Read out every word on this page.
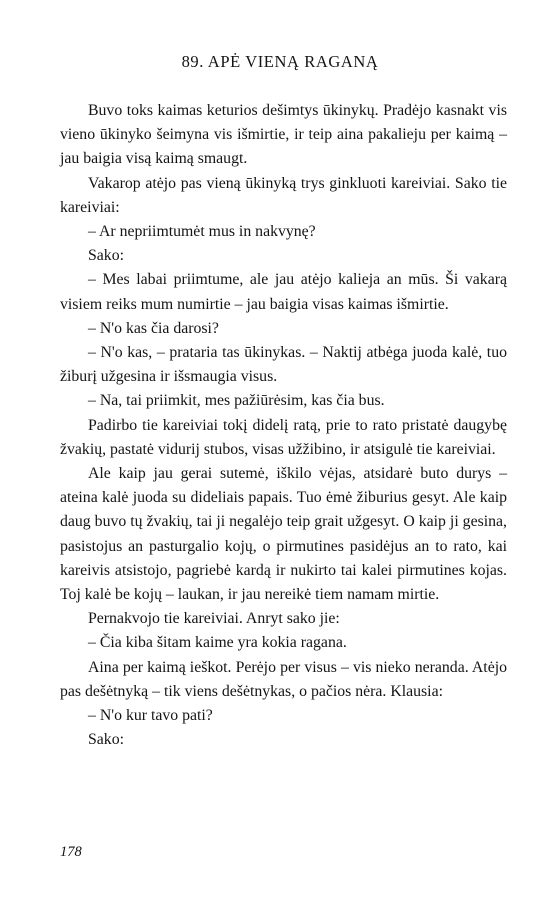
89. APĖ VIENĄ RAGANĄ

Buvo toks kaimas keturios dešimtys ūkinykų. Pradėjo kasnakt vis vieno ūkinyko šeimyna vis išmirtie, ir teip aina pakalieju per kaimą – jau baigia visą kaimą smaugt.

Vakarop atėjo pas vieną ūkinyką trys ginkluoti kareiviai. Sako tie kareiviai:

– Ar nepriimtumėt mus in nakvynę?

Sako:

– Mes labai priimtume, ale jau atėjo kalieja an mūs. Ši vakarą visiem reiks mum numirtie – jau baigia visas kaimas išmirtie.

– N'o kas čia darosi?

– N'o kas, – prataria tas ūkinykas. – Naktij atbėga juoda kalė, tuo žiburį užgesina ir išsmaugia visus.

– Na, tai priimkit, mes pažiūrėsim, kas čia bus.

Padirbo tie kareiviai tokį didelį ratą, prie to rato pristatė daugybę žvakių, pastatė vidurij stubos, visas užžibino, ir atsigulė tie kareiviai.

Ale kaip jau gerai sutemė, iškilo vėjas, atsidarė buto durys – ateina kalė juoda su dideliais papais. Tuo ėmė žiburius gesyt. Ale kaip daug buvo tų žvakių, tai ji negalėjo teip grait užgesyt. O kaip ji gesina, pasistojus an pasturgalio kojų, o pirmutines pasidėjus an to rato, kai kareivis atsistojo, pagriebė kardą ir nukirto tai kalei pirmutines kojas. Toj kalė be kojų – laukan, ir jau nereikė tiem namam mirtie.

Pernakvojo tie kareiviai. Anryt sako jie:

– Čia kiba šitam kaime yra kokia ragana.

Aina per kaimą ieškot. Perėjo per visus – vis nieko neranda. Atėjo pas dešėtnyką – tik viens dešėtnykas, o pačios nėra. Klausia:

– N'o kur tavo pati?

Sako:

178
